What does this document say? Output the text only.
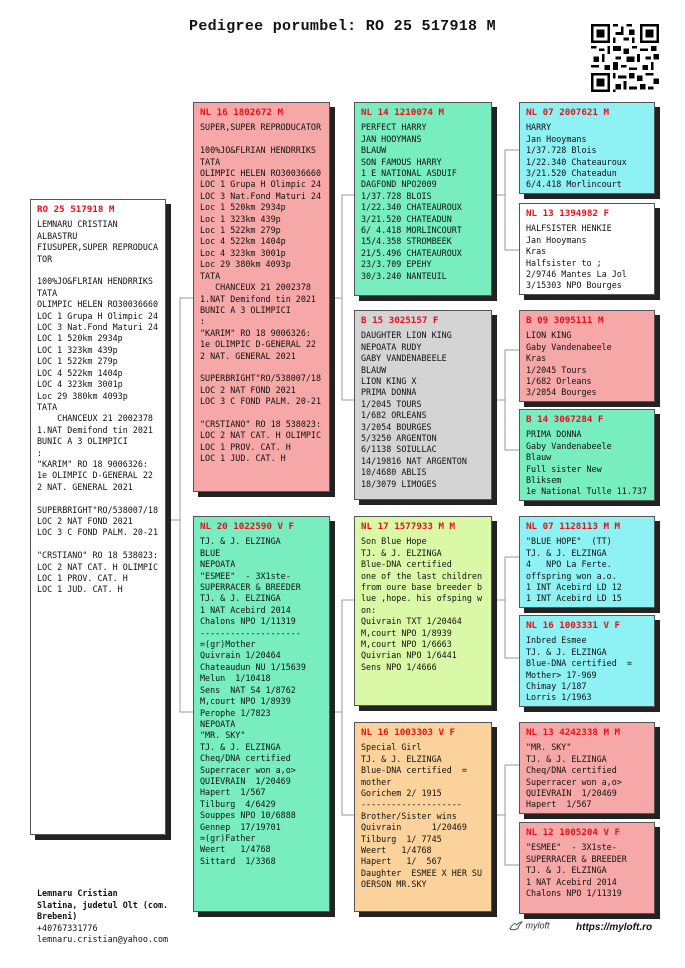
Pedigree porumbel: RO 25 517918 M
RO 25 517918 M
LEMNARU CRISTIAN
ALBASTRU
FIUSUPER,SUPER REPRODUCA
TOR

100%JO&FLRIAN HENDRRIKS
TATA
OLIMPIC HELEN RO30036660
LOC 1 Grupa H Olimpic 24
LOC 3 Nat.Fond Maturi 24
LOC 1 520km 2934p
LOC 1 323km 439p
LOC 1 522km 279p
LOC 4 522km 1404p
LOC 4 323km 3001p
Loc 29 380km 4093p
TATA
CHANCEUX 21 2002378
1.NAT Demifond tin 2021
BUNIC A 3 OLIMPICI
:
"KARIM" RO 18 9006326:
1e OLIMPIC D-GENERAL 22
2 NAT. GENERAL 2021

SUPERBRIGHT"RO/538007/18
LOC 2 NAT FOND 2021
LOC 3 C FOND PALM. 20-21

"CRSTIANO" RO 18 538023:
LOC 2 NAT CAT. H OLIMPIC
LOC 1 PROV. CAT. H
LOC 1 JUD. CAT. H
NL 16 1802672 M
SUPER,SUPER REPRODUCATOR

100%JO&FLRIAN HENDRRIKS
TATA
OLIMPIC HELEN RO30036660
LOC 1 Grupa H Olimpic 24
LOC 3 Nat.Fond Maturi 24
Loc 1 520km 2934p
Loc 1 323km 439p
Loc 1 522km 279p
Loc 4 522km 1404p
Loc 4 323km 3001p
Loc 29 380km 4093p
TATA
CHANCEUX 21 2002378
1.NAT Demifond tin 2021
BUNIC A 3 OLIMPICI
:
"KARIM" RO 18 9006326:
1e OLIMPIC D-GENERAL 22
2 NAT. GENERAL 2021

SUPERBRIGHT"RO/538007/18
LOC 2 NAT FOND 2021
LOC 3 C FOND PALM. 20-21

"CRSTIANO" RO 18 538023:
LOC 2 NAT CAT. H OLIMPIC
LOC 1 PROV. CAT. H
LOC 1 JUD. CAT. H
NL 20 1022590 V F
TJ. & J. ELZINGA
BLUE
NEPOATA
"ESMEE"  - 3X1ste-
SUPERRACER & BREEDER
TJ. & J. ELZINGA
1 NAT Acebird 2014
Chalons NPO 1/11319
--------------------
=(gr)Mother
Quivrain 1/20464
Chateaudun NU 1/15639
Melun  1/10418
Sens  NAT S4 1/8762
M,court NPO 1/8939
Perophe 1/7823
NEPOATA
"MR. SKY"
TJ. & J. ELZINGA
Cheq/DNA certified
Superracer won a,o>
QUIEVRAIN  1/20469
Hapert  1/567
Tilburg  4/6429
Souppes NPO 10/6888
Gennep  17/19701
=(gr)Father
Weert   1/4768
Sittard  1/3368
NL 14 1210074 M
PERFECT HARRY
JAN HOOYMANS
BLAUW
SON FAMOUS HARRY
1 E NATIONAL ASDUIF
DAGFOND NPO2009
1/37.728 BLOIS
1/22.340 CHATEAUROUX
3/21.520 CHATEADUN
6/ 4.418 MORLINCOURT
15/4.358 STROMBEEK
21/5.496 CHATEAUROUX
23/3.709 EPEHY
30/3.240 NANTEUIL
B 15 3025157 F
DAUGHTER LION KING
NEPOATA RUDY
GABY VANDENABEELE
BLAUW
LION KING X
PRIMA DONNA
1/2045 TOURS
1/682 ORLEANS
3/2054 BOURGES
5/3250 ARGENTON
6/1138 SOIULLAC
14/19816 NAT ARGENTON
10/4680 ABLIS
18/3079 LIMOGES
NL 17 1577933 M M
Son Blue Hope
TJ. & J. ELZINGA
Blue-DNA certified
one of the last children
from oure base breeder b
lue ,hope. his ofsping w
on:
Quivrain TXT 1/20464
M,court NPO 1/8939
M,court NPO 1/6663
Quivrian NPO 1/6441
Sens NPO 1/4666
NL 16 1003303 V F
Special Girl
TJ. & J. ELZINGA
Blue-DNA certified  =
mother
Gorichem 2/ 1915
--------------------
Brother/Sister wins
Quivrain      1/20469
Tilburg  1/ 7745
Weert   1/4768
Hapert   1/  567
Daughter  ESMEE X HER SU
OERSON MR.SKY
NL 07 2007621 M
HARRY
Jan Hooymans
1/37.728 Blois
1/22.340 Chateauroux
3/21.520 Chateadun
6/4.418 Morlincourt
NL 13 1394982 F
HALFSISTER HENKIE
Jan Hooymans
Kras
Halfsister to ;
2/9746 Mantes La Jol
3/15303 NPO Bourges
B 09 3095111 M
LION KING
Gaby Vandenabeele
Kras
1/2045 Tours
1/682 Orleans
3/2054 Bourges
B 14 3067284 F
PRIMA DONNA
Gaby Vandenabeele
Blauw
Full sister New
Bliksem
1e National Tulle 11.737
NL 07 1128113 M M
"BLUE HOPE"  (TT)
TJ. & J. ELZINGA
4   NPO La Ferte.
offspring won a.o.
1 INT Acebird LD 12
1 INT Acebird LD 15
NL 16 1003331 V F
Inbred Esmee
TJ. & J. ELZINGA
Blue-DNA certified  =
Mother> 17-969
Chimay 1/187
Lorris 1/1963
NL 13 4242338 M M
"MR. SKY"
TJ. & J. ELZINGA
Cheq/DNA certified
Superracer won a,o>
QUIEVRAIN  1/20469
Hapert  1/567
NL 12 1005204 V F
"ESMEE"  - 3X1ste-
SUPERRACER & BREEDER
TJ. & J. ELZINGA
1 NAT Acebird 2014
Chalons NPO 1/11319
Lemnaru Cristian
Slatina, judetul Olt (com.
Brebeni)
+40767331776
lemnaru.cristian@yahoo.com
myloft	https://myloft.ro
